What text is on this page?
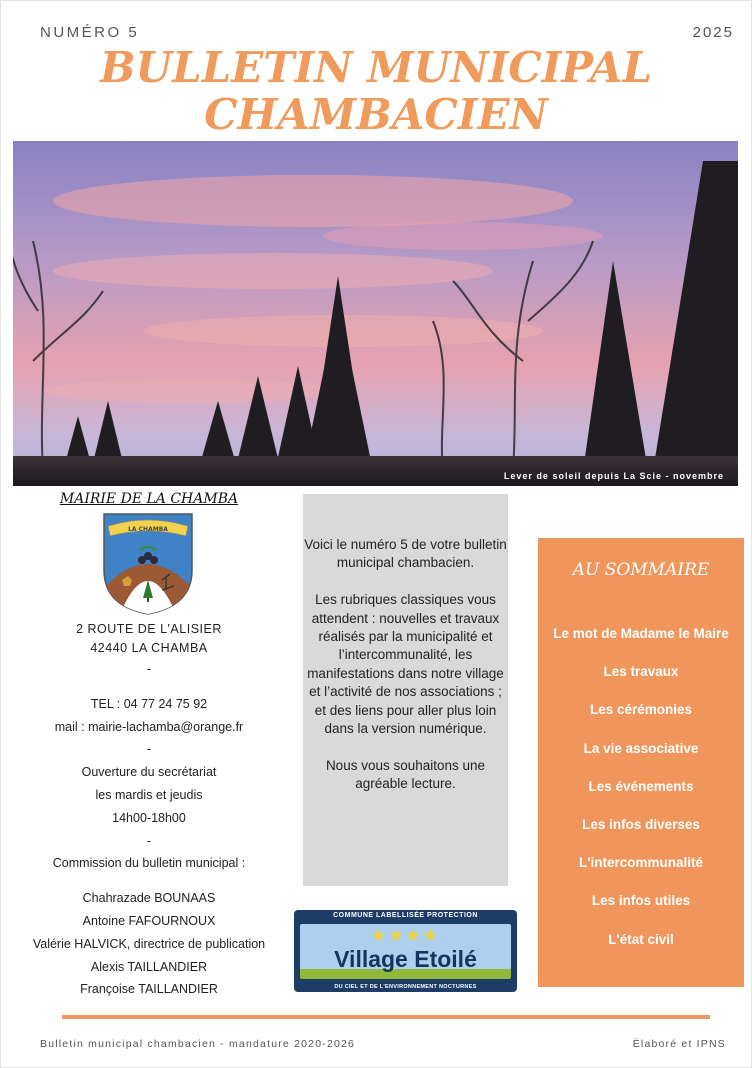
NUMÉRO 5	2025
BULLETIN MUNICIPAL
CHAMBACIEN
Lever de soleil depuis La Scie - novembre
MAIRIE DE LA CHAMBA
LA CHAMBA
2 ROUTE DE L'ALISIER
42440 LA CHAMBA
-
TEL : 04 77 24 75 92
mail : mairie-lachamba@orange.fr
-
Ouverture du secrétariat
les mardis et jeudis
14h00-18h00
-
Commission du bulletin municipal :
Chahrazade BOUNAAS
Antoine FAFOURNOUX
Valérie HALVICK, directrice de publication
Alexis TAILLANDIER
Françoise TAILLANDIER

Voici le numéro 5 de votre bulletin municipal chambacien.

Les rubriques classiques vous attendent : nouvelles et travaux réalisés par la municipalité et l’intercommunalité, les manifestations dans notre village et l’activité de nos associations ; et des liens pour aller plus loin dans la version numérique.

Nous vous souhaitons une agréable lecture.

COMMUNE LABELLISÉE PROTECTION
★★★★
Village Etoilé
DU CIEL ET DE L'ENVIRONNEMENT NOCTURNES
AU SOMMAIRE
Le mot de Madame le Maire
Les travaux
Les cérémonies
La vie associative
Les événements
Les infos diverses
L'intercommunalité
Les infos utiles
L'état civil
Bulletin municipal chambacien - mandature 2020-2026	Élaboré et IPNS
